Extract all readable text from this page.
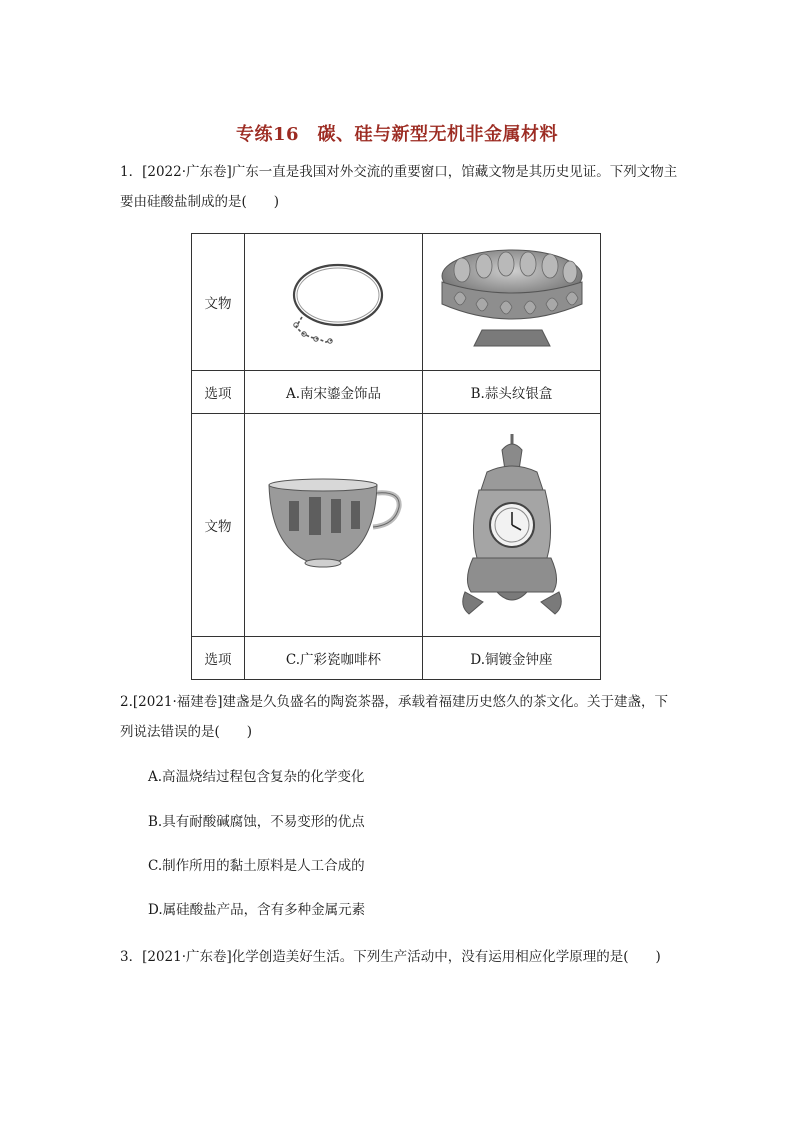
专练16　碳、硅与新型无机非金属材料
1．[2022·广东卷]广东一直是我国对外交流的重要窗口，馆藏文物是其历史见证。下列文物主要由硅酸盐制成的是(　　)
文物	

选项	A.南宋鎏金饰品	B.蒜头纹银盒
文物	

选项	C.广彩瓷咖啡杯	D.铜镀金钟座
2.[2021·福建卷]建盏是久负盛名的陶瓷茶器，承载着福建历史悠久的茶文化。关于建盏，下列说法错误的是(　　)
A.高温烧结过程包含复杂的化学变化
B.具有耐酸碱腐蚀，不易变形的优点
C.制作所用的黏土原料是人工合成的
D.属硅酸盐产品，含有多种金属元素
3．[2021·广东卷]化学创造美好生活。下列生产活动中，没有运用相应化学原理的是(　　)
